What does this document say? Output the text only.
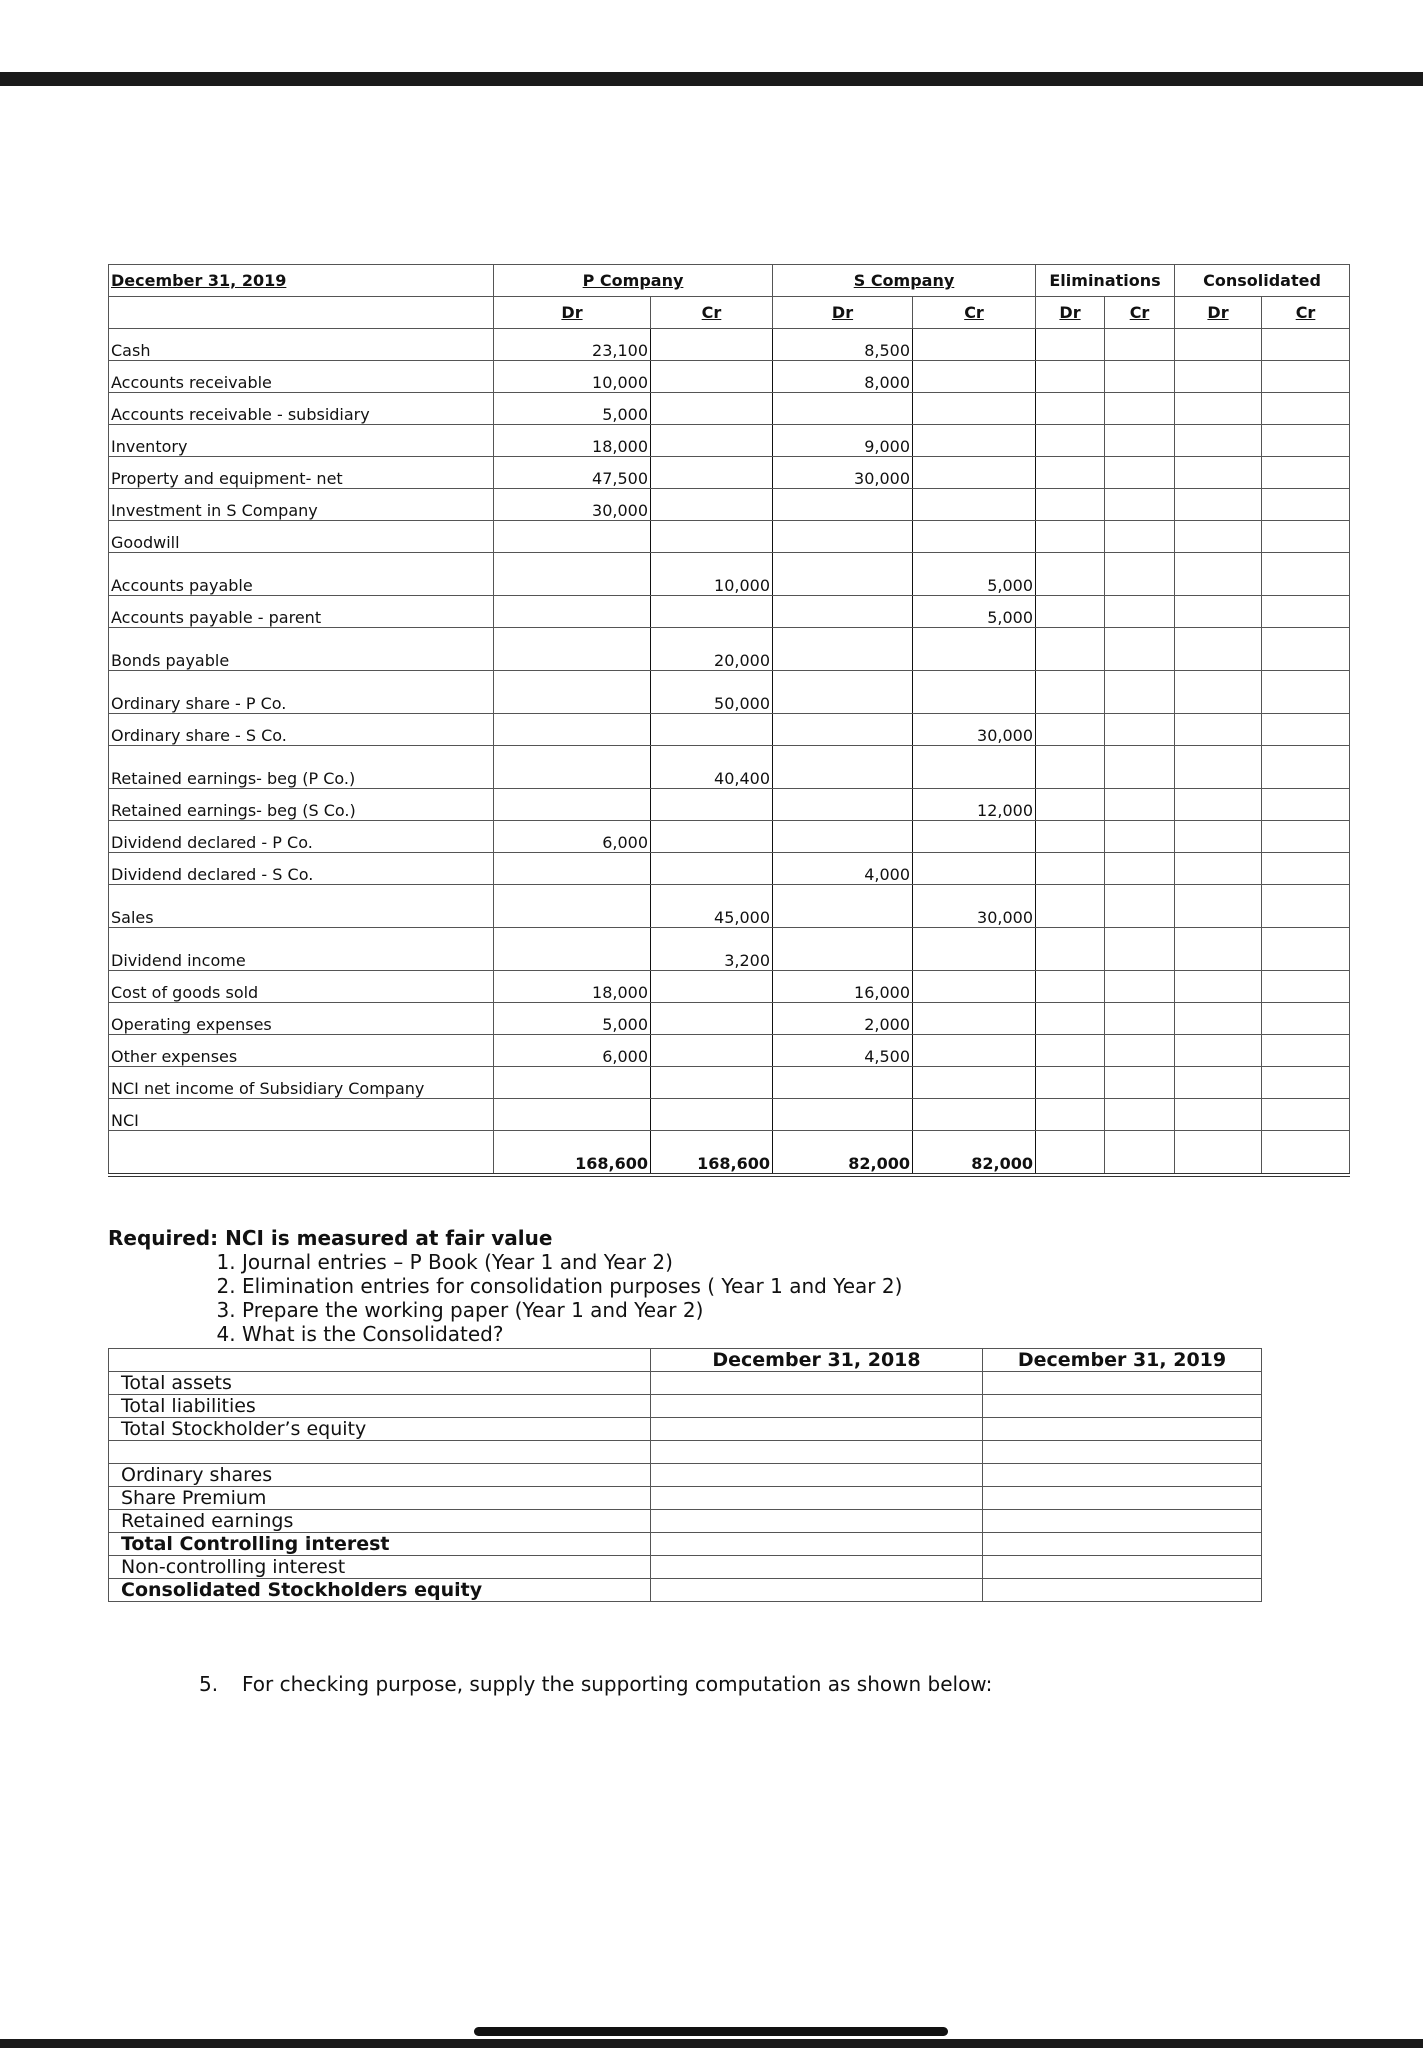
December 31, 2019	P Company		S Company		Eliminations		Consolidated	
	Dr	Cr	Dr	Cr	Dr	Cr	Dr	Cr
Cash	23,100		8,500					
Accounts receivable	10,000		8,000					
Accounts receivable - subsidiary	5,000							
Inventory	18,000		9,000					
Property and equipment- net	47,500		30,000					
Investment in S Company	30,000							
Goodwill								
Accounts payable		10,000		5,000				
Accounts payable - parent				5,000				
Bonds payable		20,000						
Ordinary share - P Co.		50,000						
Ordinary share - S Co.				30,000				
Retained earnings- beg (P Co.)		40,400						
Retained earnings- beg (S Co.)				12,000				
Dividend declared - P Co.	6,000							
Dividend declared - S Co.			4,000					
Sales		45,000		30,000				
Dividend income		3,200						
Cost of goods sold	18,000		16,000					
Operating expenses	5,000		2,000					
Other expenses	6,000		4,500					
NCI net income of Subsidiary Company								
NCI								
	168,600	168,600	82,000	82,000				
Required: NCI is measured at fair value
1. Journal entries – P Book (Year 1 and Year 2)
2. Elimination entries for consolidation purposes ( Year 1 and Year 2)
3. Prepare the working paper (Year 1 and Year 2)
4. What is the Consolidated?
	December 31, 2018	December 31, 2019
Total assets		
Total liabilities		
Total Stockholder’s equity		

Ordinary shares		
Share Premium		
Retained earnings		
Total Controlling interest		
Non-controlling interest		
Consolidated Stockholders equity		
5. For checking purpose, supply the supporting computation as shown below:
